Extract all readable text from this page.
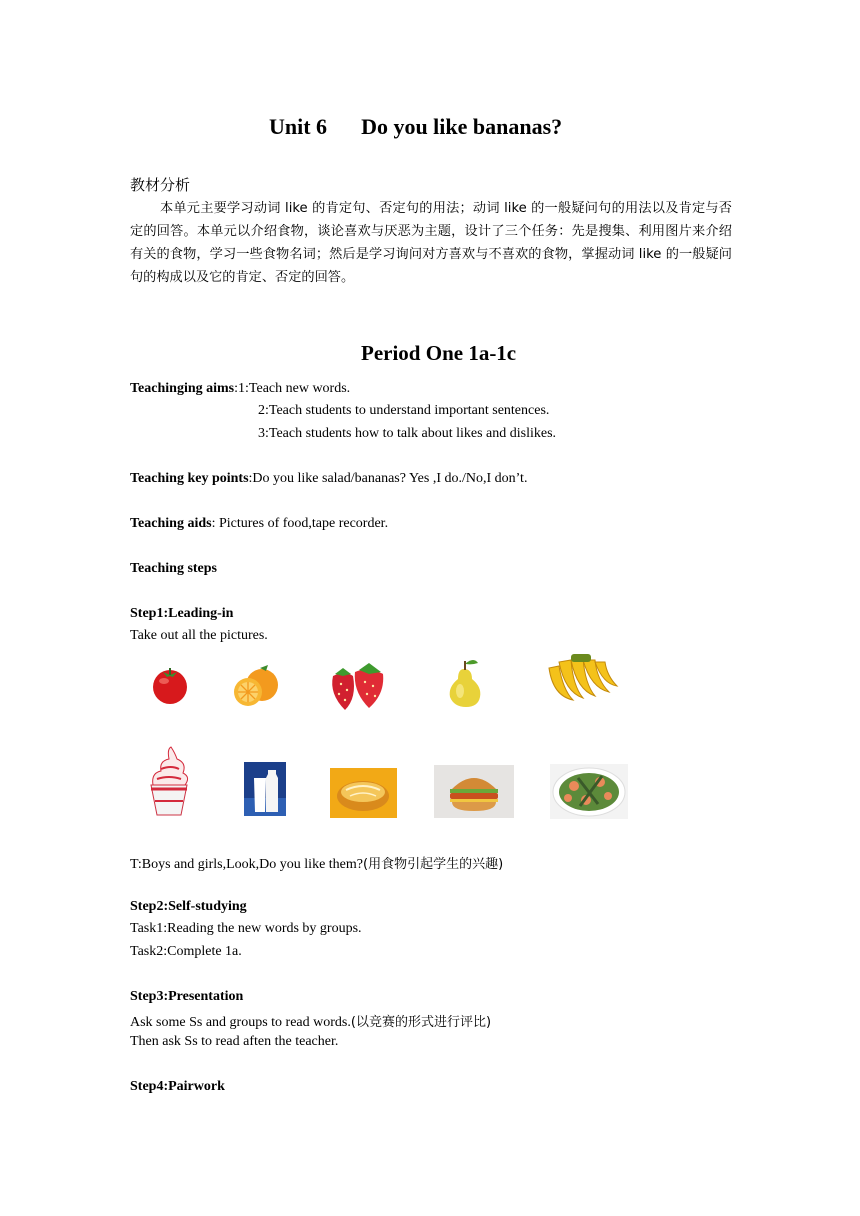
Unit 6 Do you like bananas?
教材分析
本单元主要学习动词 like 的肯定句、否定句的用法；动词 like 的一般疑问句的用法以及肯定与否定的回答。本单元以介绍食物，谈论喜欢与厌恶为主题，设计了三个任务：先是搜集、利用图片来介绍有关的食物，学习一些食物名词；然后是学习询问对方喜欢与不喜欢的食物，掌握动词 like 的一般疑问句的构成以及它的肯定、否定的回答。
Period One 1a-1c
Teachinging aims:1:Teach new words.
2:Teach students to understand important sentences.
3:Teach students how to talk about likes and dislikes.
Teaching key points:Do you like salad/bananas? Yes ,I do./No,I don’t.
Teaching aids: Pictures of food,tape recorder.
Teaching steps
Step1:Leading-in
Take out all the pictures.
T:Boys and girls,Look,Do you like them?(用食物引起学生的兴趣)
Step2:Self-studying
Task1:Reading the new words by groups.
Task2:Complete 1a.
Step3:Presentation
Ask some Ss and groups to read words.(以竞赛的形式进行评比)
Then ask Ss to read aften the teacher.
Step4:Pairwork
